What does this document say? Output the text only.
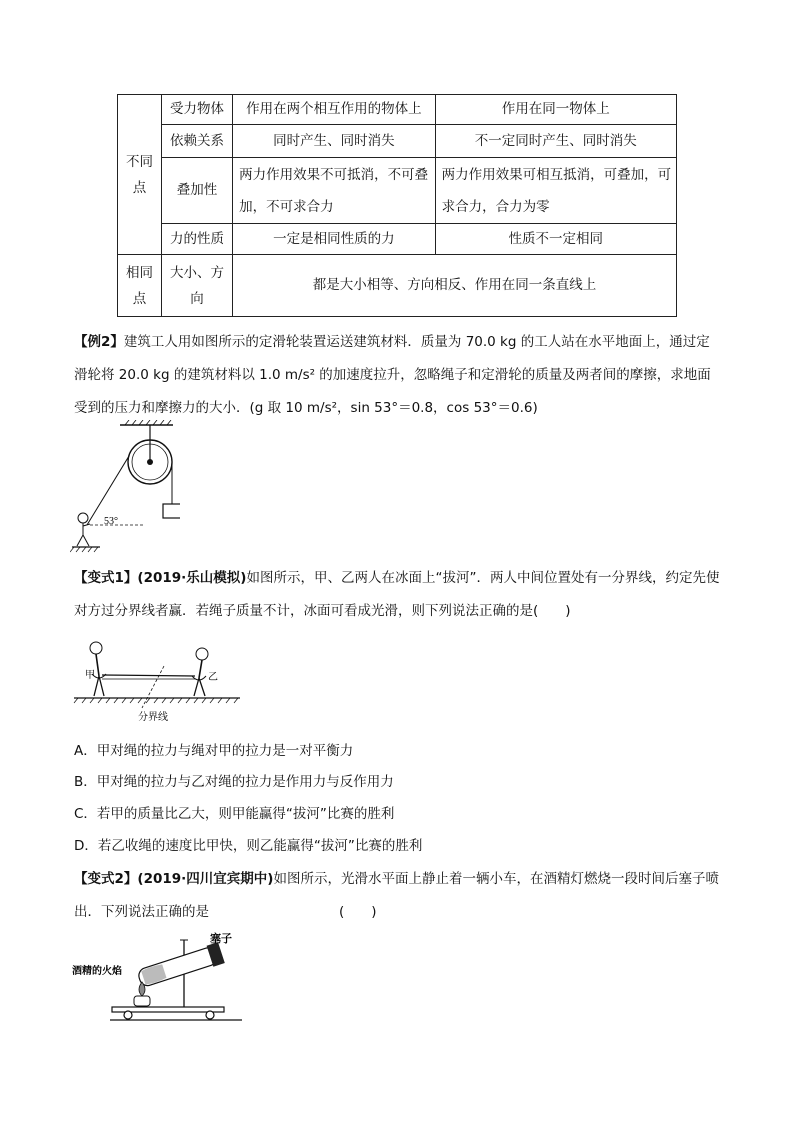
不同点	受力物体	作用在两个相互作用的物体上	作用在同一物体上
	依赖关系	同时产生、同时消失	不一定同时产生、同时消失
	叠加性	两力作用效果不可抵消，不可叠加，不可求合力	两力作用效果可相互抵消，可叠加，可求合力，合力为零
	力的性质	一定是相同性质的力	性质不一定相同
相同点	大小、方向	都是大小相等、方向相反、作用在同一条直线上	
【例2】建筑工人用如图所示的定滑轮装置运送建筑材料．质量为 70.0 kg 的工人站在水平地面上，通过定滑轮将 20.0 kg 的建筑材料以 1.0 m/s² 的加速度拉升，忽略绳子和定滑轮的质量及两者间的摩擦，求地面受到的压力和摩擦力的大小．(g 取 10 m/s²，sin 53°＝0.8，cos 53°＝0.6)
53°
【变式1】(2019·乐山模拟)如图所示，甲、乙两人在冰面上“拔河”．两人中间位置处有一分界线，约定先使对方过分界线者赢．若绳子质量不计，冰面可看成光滑，则下列说法正确的是(　　)
甲	乙
分界线
A．甲对绳的拉力与绳对甲的拉力是一对平衡力
B．甲对绳的拉力与乙对绳的拉力是作用力与反作用力
C．若甲的质量比乙大，则甲能赢得“拔河”比赛的胜利
D．若乙收绳的速度比甲快，则乙能赢得“拔河”比赛的胜利
【变式2】(2019·四川宜宾期中)如图所示，光滑水平面上静止着一辆小车，在酒精灯燃烧一段时间后塞子喷出．下列说法正确的是	(　　)
塞子
酒精的火焰
